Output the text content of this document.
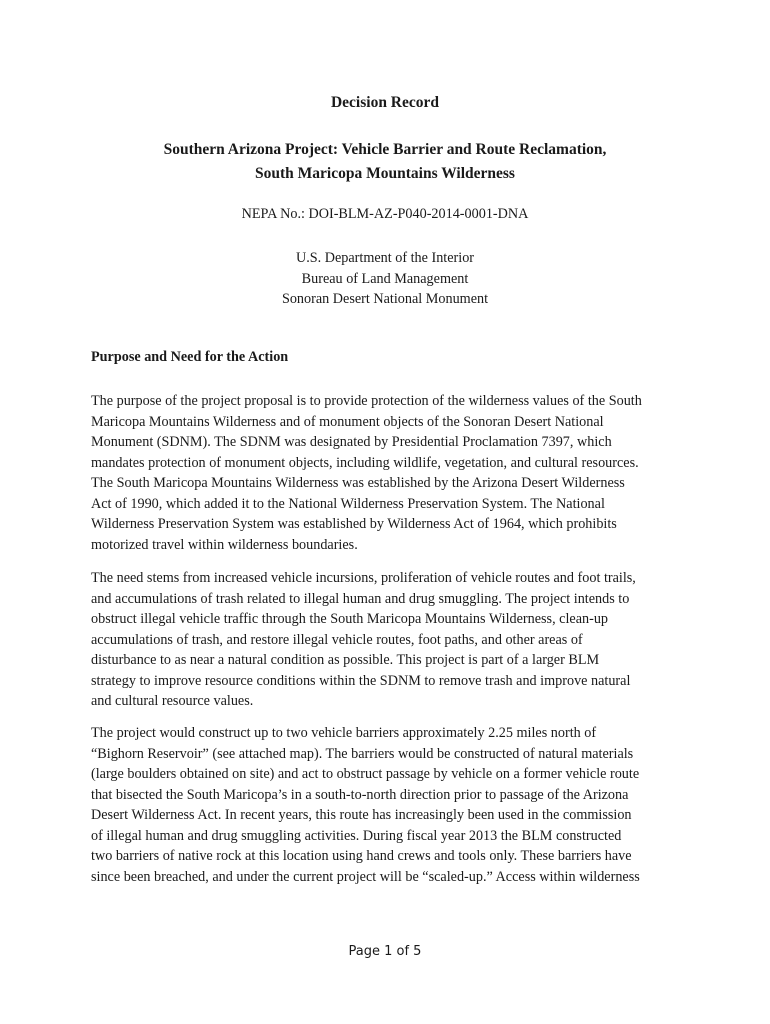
Decision Record
Southern Arizona Project: Vehicle Barrier and Route Reclamation,
South Maricopa Mountains Wilderness
NEPA No.: DOI-BLM-AZ-P040-2014-0001-DNA
U.S. Department of the Interior
Bureau of Land Management
Sonoran Desert National Monument
Purpose and Need for the Action

The purpose of the project proposal is to provide protection of the wilderness values of the South
Maricopa Mountains Wilderness and of monument objects of the Sonoran Desert National
Monument (SDNM). The SDNM was designated by Presidential Proclamation 7397, which
mandates protection of monument objects, including wildlife, vegetation, and cultural resources.
The South Maricopa Mountains Wilderness was established by the Arizona Desert Wilderness
Act of 1990, which added it to the National Wilderness Preservation System. The National
Wilderness Preservation System was established by Wilderness Act of 1964, which prohibits
motorized travel within wilderness boundaries.

The need stems from increased vehicle incursions, proliferation of vehicle routes and foot trails,
and accumulations of trash related to illegal human and drug smuggling. The project intends to
obstruct illegal vehicle traffic through the South Maricopa Mountains Wilderness, clean-up
accumulations of trash, and restore illegal vehicle routes, foot paths, and other areas of
disturbance to as near a natural condition as possible. This project is part of a larger BLM
strategy to improve resource conditions within the SDNM to remove trash and improve natural
and cultural resource values.

The project would construct up to two vehicle barriers approximately 2.25 miles north of
“Bighorn Reservoir” (see attached map). The barriers would be constructed of natural materials
(large boulders obtained on site) and act to obstruct passage by vehicle on a former vehicle route
that bisected the South Maricopa’s in a south-to-north direction prior to passage of the Arizona
Desert Wilderness Act. In recent years, this route has increasingly been used in the commission
of illegal human and drug smuggling activities. During fiscal year 2013 the BLM constructed
two barriers of native rock at this location using hand crews and tools only. These barriers have
since been breached, and under the current project will be “scaled-up.” Access within wilderness

Page 1 of 5
